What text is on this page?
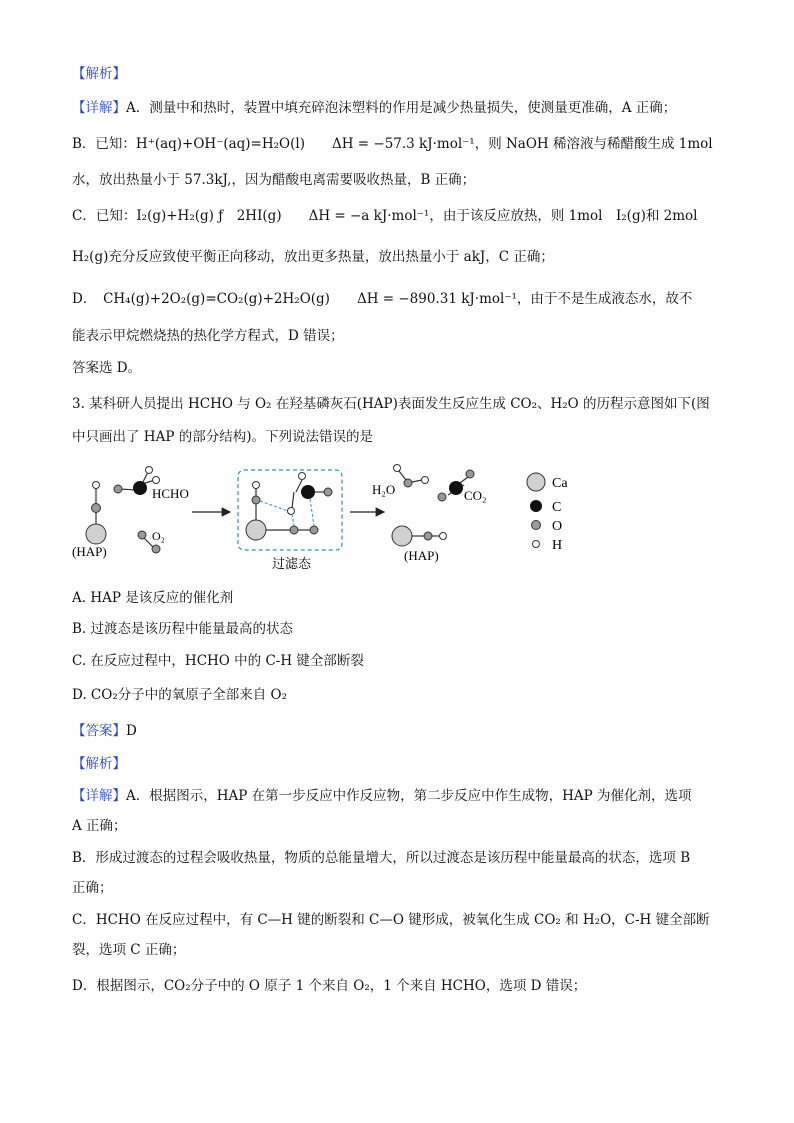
【解析】
【详解】A．测量中和热时，装置中填充碎泡沫塑料的作用是减少热量损失，使测量更准确，A 正确；
B．已知：H⁺(aq)+OH⁻(aq)=H₂O(l)　　ΔH = −57.3 kJ·mol⁻¹，则 NaOH 稀溶液与稀醋酸生成 1mol
水，放出热量小于 57.3kJ,，因为醋酸电离需要吸收热量，B 正确；
C．已知：I₂(g)+H₂(g) ƒ　2HI(g)　　ΔH = −a kJ·mol⁻¹，由于该反应放热，则 1mol　I₂(g)和 2mol
H₂(g)充分反应致使平衡正向移动，放出更多热量，放出热量小于 akJ，C 正确；
D．　CH₄(g)+2O₂(g)=CO₂(g)+2H₂O(g)　　ΔH = −890.31 kJ·mol⁻¹，由于不是生成液态水，故不
能表示甲烷燃烧热的热化学方程式，D 错误；
答案选 D。
3. 某科研人员提出 HCHO 与 O₂ 在羟基磷灰石(HAP)表面发生反应生成 CO₂、H₂O 的历程示意图如下(图
中只画出了 HAP 的部分结构)。下列说法错误的是
(HAP)
HCHO
O₂
过滤态
H₂O	CO₂
(HAP)
Ca
C
O
H
A. HAP 是该反应的催化剂
B. 过渡态是该历程中能量最高的状态
C. 在反应过程中，HCHO 中的 C-H 键全部断裂
D. CO₂分子中的氧原子全部来自 O₂
【答案】D
【解析】
【详解】A．根据图示，HAP 在第一步反应中作反应物，第二步反应中作生成物，HAP 为催化剂，选项
A 正确；
B．形成过渡态的过程会吸收热量，物质的总能量增大，所以过渡态是该历程中能量最高的状态，选项 B
正确；
C．HCHO 在反应过程中，有 C—H 键的断裂和 C—O 键形成，被氧化生成 CO₂ 和 H₂O，C-H 键全部断
裂，选项 C 正确；
D．根据图示，CO₂分子中的 O 原子 1 个来自 O₂，1 个来自 HCHO，选项 D 错误；
